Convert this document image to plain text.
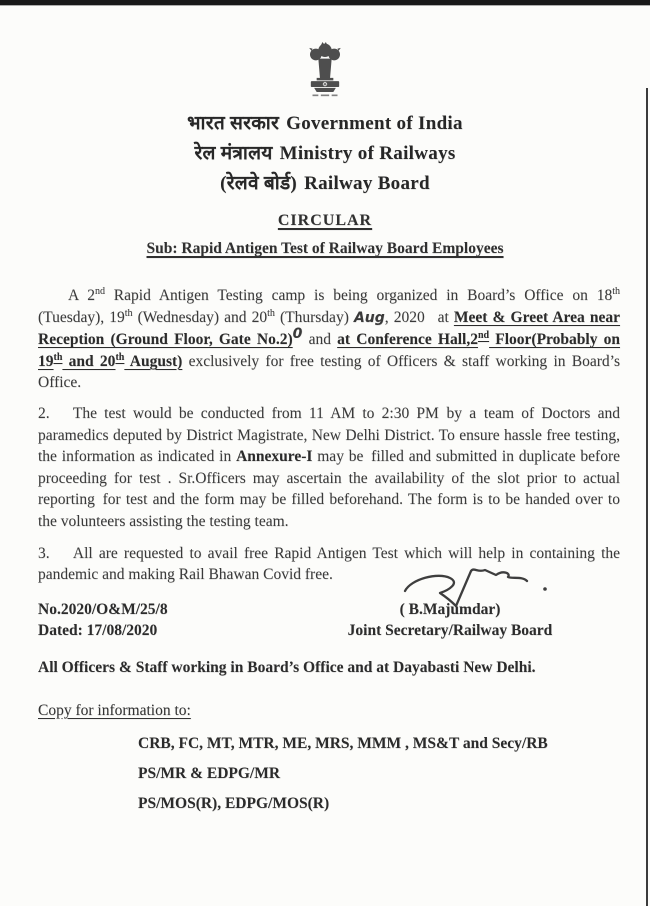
भारत सरकार Government of India
रेल मंत्रालय Ministry of Railways
(रेलवे बोर्ड) Railway Board
CIRCULAR
Sub: Rapid Antigen Test of Railway Board Employees

A 2nd Rapid Antigen Testing camp is being organized in Board’s Office on 18th (Tuesday), 19th (Wednesday) and 20th (Thursday) Aug, 2020  at Meet & Greet Area near Reception (Ground Floor, Gate No.2)$^0$ and at Conference Hall,2nd Floor(Probably on 19th and 20th August) exclusively for free testing of Officers & staff working in Board’s Office.

2.  The test would be conducted from 11 AM to 2:30 PM by a team of Doctors and paramedics deputed by District Magistrate, New Delhi District. To ensure hassle free testing, the information as indicated in Annexure-I may be filled and submitted in duplicate before proceeding for test . Sr.Officers may ascertain the availability of the slot prior to actual reporting for test and the form may be filled beforehand. The form is to be handed over to the volunteers assisting the testing team.

3.  All are requested to avail free Rapid Antigen Test which will help in containing the pandemic and making Rail Bhawan Covid free.

No.2020/O&M/25/8
Dated: 17/08/2020
( B.Majumdar)
Joint Secretary/Railway Board
All Officers & Staff working in Board’s Office and at Dayabasti New Delhi.
Copy for information to:
CRB, FC, MT, MTR, ME, MRS, MMM , MS&T and Secy/RB
PS/MR & EDPG/MR
PS/MOS(R), EDPG/MOS(R)
